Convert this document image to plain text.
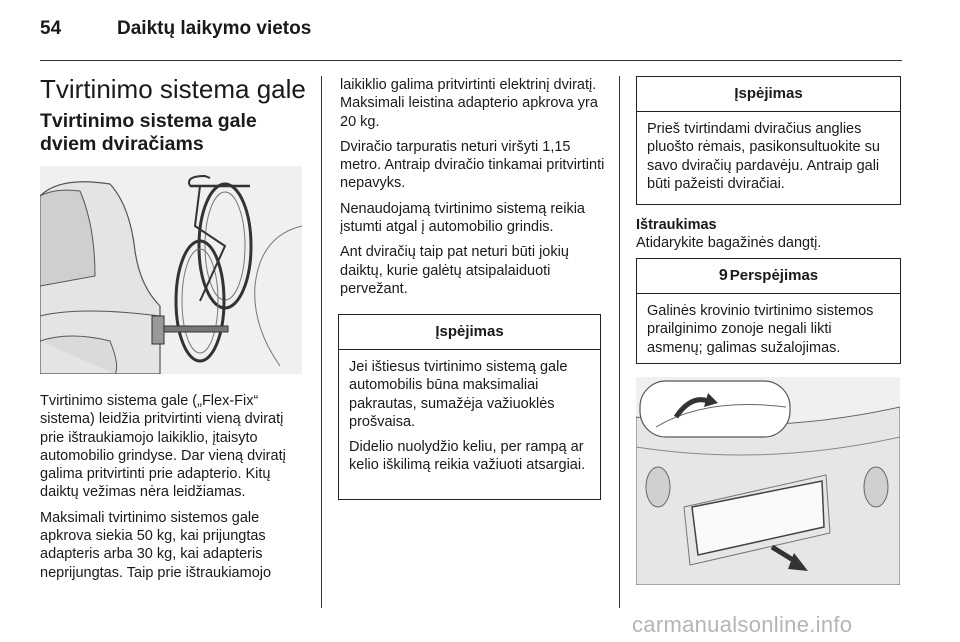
54	Daiktų laikymo vietos
Tvirtinimo sistema gale
Tvirtinimo sistema gale dviem dviračiams

Tvirtinimo sistema gale („Flex-Fix“ sistema) leidžia pritvirtinti vieną dviratį prie ištraukiamojo laikiklio, įtaisyto automobilio grindyse. Dar vieną dviratį galima pritvirtinti prie adapterio. Kitų daiktų vežimas nėra leidžiamas.

Maksimali tvirtinimo sistemos gale apkrova siekia 50 kg, kai prijungtas adapteris arba 30 kg, kai adapteris neprijungtas. Taip prie ištraukiamojo

laikiklio galima pritvirtinti elektrinį dviratį. Maksimali leistina adapterio apkrova yra 20 kg.

Dviračio tarpuratis neturi viršyti 1,15 metro. Antraip dviračio tinkamai pritvirtinti nepavyks.

Nenaudojamą tvirtinimo sistemą reikia įstumti atgal į automobilio grindis.

Ant dviračių taip pat neturi būti jokių daiktų, kurie galėtų atsipalaiduoti pervežant.

Įspėjimas

Jei ištiesus tvirtinimo sistemą gale automobilis būna maksimaliai pakrautas, sumažėja važiuoklės prošvaisa.

Didelio nuolydžio keliu, per rampą ar kelio iškilimą reikia važiuoti atsargiai.

Įspėjimas

Prieš tvirtindami dviračius anglies pluošto rėmais, pasikonsultuokite su savo dviračių pardavėju. Antraip gali būti pažeisti dviračiai.

Ištraukimas
Atidarykite bagažinės dangtį.
9 Perspėjimas

Galinės krovinio tvirtinimo sistemos prailginimo zonoje negali likti asmenų; galimas sužalojimas.

carmanualsonline.info
